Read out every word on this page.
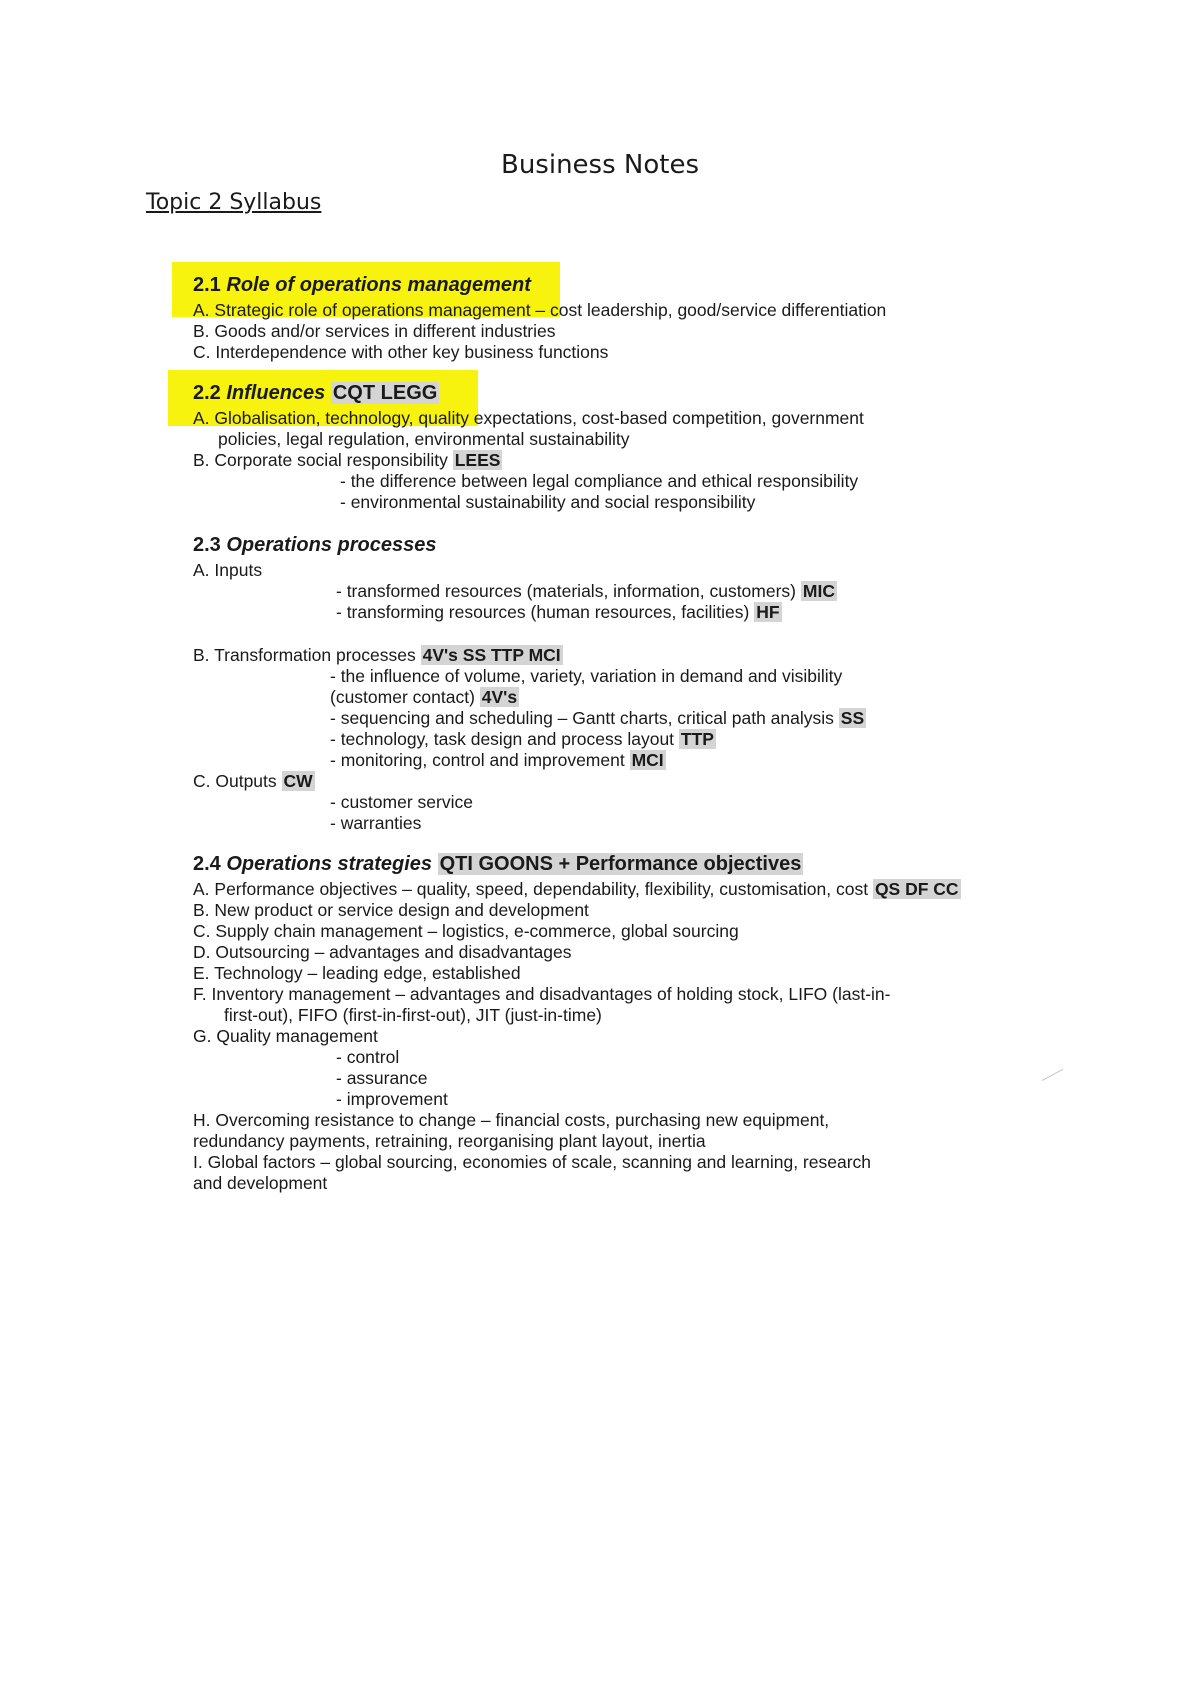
Business Notes
Topic 2 Syllabus
2.1 Role of operations management
A. Strategic role of operations management – cost leadership, good/service differentiation
B. Goods and/or services in different industries
C. Interdependence with other key business functions
2.2 Influences CQT LEGG
A. Globalisation, technology, quality expectations, cost-based competition, government
policies, legal regulation, environmental sustainability
B. Corporate social responsibility LEES
- the difference between legal compliance and ethical responsibility
- environmental sustainability and social responsibility
2.3 Operations processes
A. Inputs
- transformed resources (materials, information, customers) MIC
- transforming resources (human resources, facilities) HF
B. Transformation processes 4V's SS TTP MCI
- the influence of volume, variety, variation in demand and visibility
(customer contact) 4V's
- sequencing and scheduling – Gantt charts, critical path analysis SS
- technology, task design and process layout TTP
- monitoring, control and improvement MCI
C. Outputs CW
- customer service
- warranties
2.4 Operations strategies QTI GOONS + Performance objectives
A. Performance objectives – quality, speed, dependability, flexibility, customisation, cost QS DF CC
B. New product or service design and development
C. Supply chain management – logistics, e-commerce, global sourcing
D. Outsourcing – advantages and disadvantages
E. Technology – leading edge, established
F. Inventory management – advantages and disadvantages of holding stock, LIFO (last-in-
first-out), FIFO (first-in-first-out), JIT (just-in-time)
G. Quality management
- control
- assurance
- improvement
H. Overcoming resistance to change – financial costs, purchasing new equipment,
redundancy payments, retraining, reorganising plant layout, inertia
I. Global factors – global sourcing, economies of scale, scanning and learning, research
and development
